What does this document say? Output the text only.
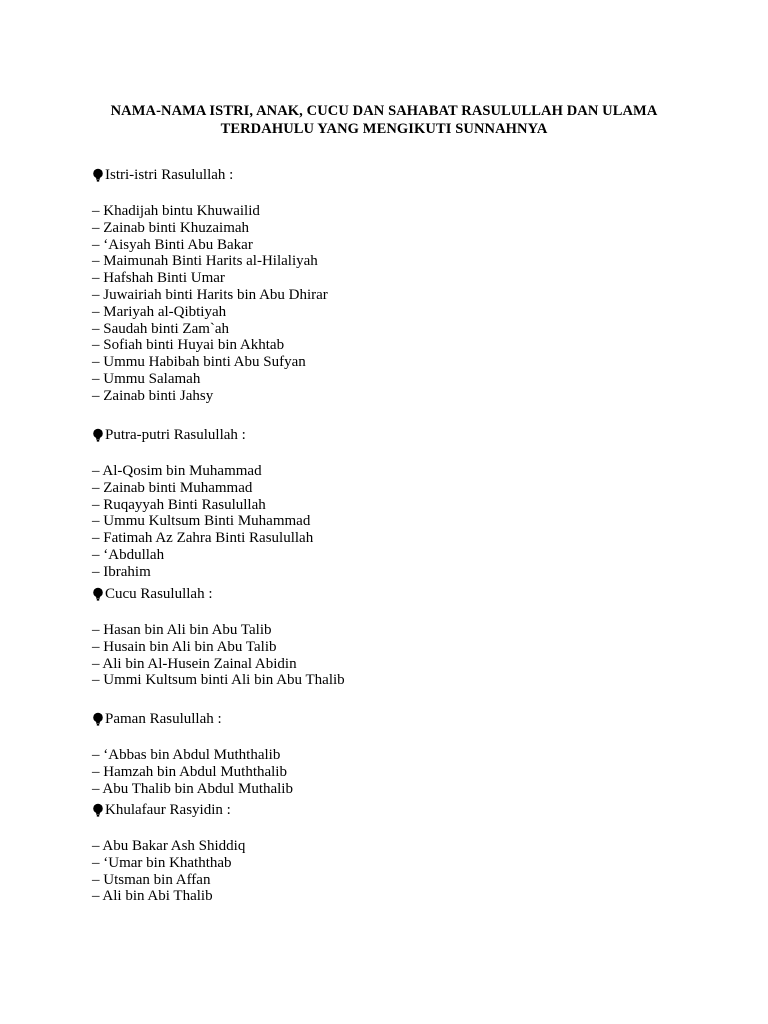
NAMA-NAMA ISTRI, ANAK, CUCU DAN SAHABAT RASULULLAH DAN ULAMA
TERDAHULU YANG MENGIKUTI SUNNAHNYA
Istri-istri Rasulullah :
– Khadijah bintu Khuwailid
– Zainab binti Khuzaimah
– ‘Aisyah Binti Abu Bakar
– Maimunah Binti Harits al-Hilaliyah
– Hafshah Binti Umar
– Juwairiah binti Harits bin Abu Dhirar
– Mariyah al-Qibtiyah
– Saudah binti Zam`ah
– Sofiah binti Huyai bin Akhtab
– Ummu Habibah binti Abu Sufyan
– Ummu Salamah
– Zainab binti Jahsy
Putra-putri Rasulullah :
– Al-Qosim bin Muhammad
– Zainab binti Muhammad
– Ruqayyah Binti Rasulullah
– Ummu Kultsum Binti Muhammad
– Fatimah Az Zahra Binti Rasulullah
– ‘Abdullah
– Ibrahim
Cucu Rasulullah :
– Hasan bin Ali bin Abu Talib
– Husain bin Ali bin Abu Talib
– Ali bin Al-Husein Zainal Abidin
– Ummi Kultsum binti Ali bin Abu Thalib
Paman Rasulullah :
– ‘Abbas bin Abdul Muththalib
– Hamzah bin Abdul Muththalib
– Abu Thalib bin Abdul Muthalib
Khulafaur Rasyidin :
– Abu Bakar Ash Shiddiq
– ‘Umar bin Khaththab
– Utsman bin Affan
– Ali bin Abi Thalib
